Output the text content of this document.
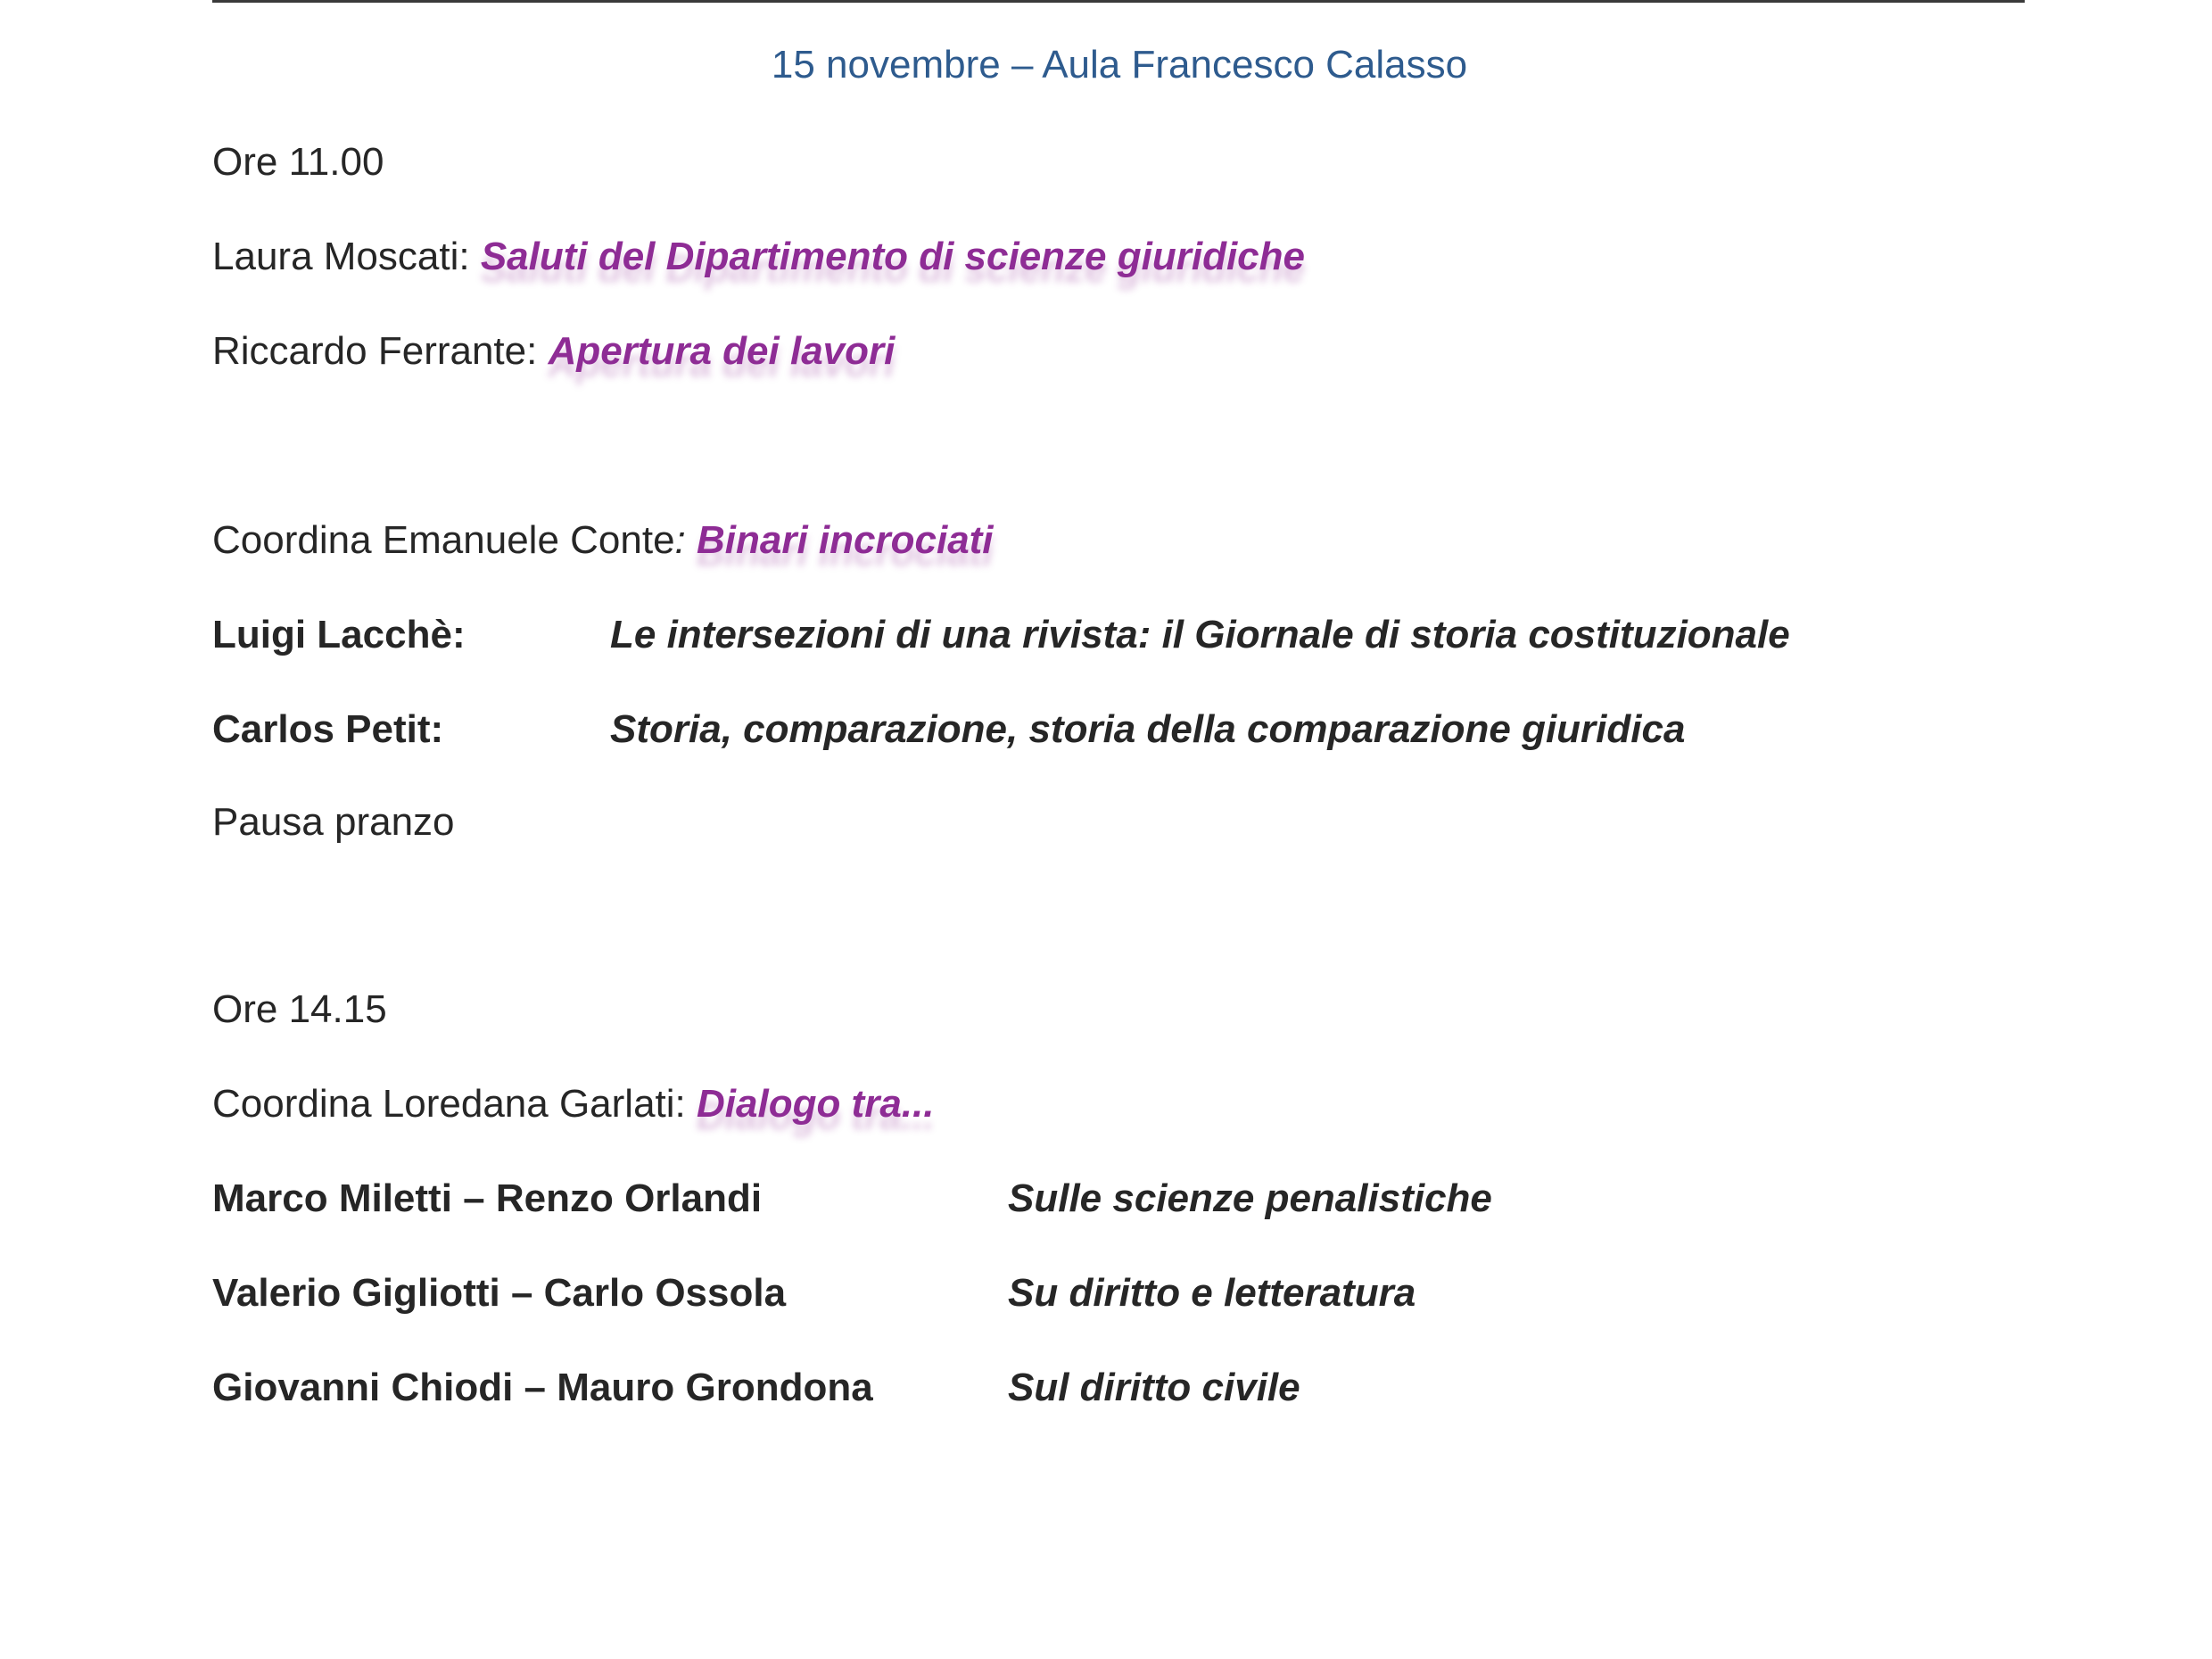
15 novembre – Aula Francesco Calasso
Ore 11.00
Laura Moscati: Saluti del Dipartimento di scienze giuridiche
Riccardo Ferrante: Apertura dei lavori
Coordina Emanuele Conte: Binari incrociati
Luigi Lacchè:	Le intersezioni di una rivista: il Giornale di storia costituzionale
Carlos Petit:	Storia, comparazione, storia della comparazione giuridica
Pausa pranzo
Ore 14.15
Coordina Loredana Garlati: Dialogo tra...
Marco Miletti – Renzo Orlandi	Sulle scienze penalistiche
Valerio Gigliotti – Carlo Ossola	Su diritto e letteratura
Giovanni Chiodi – Mauro Grondona	Sul diritto civile
